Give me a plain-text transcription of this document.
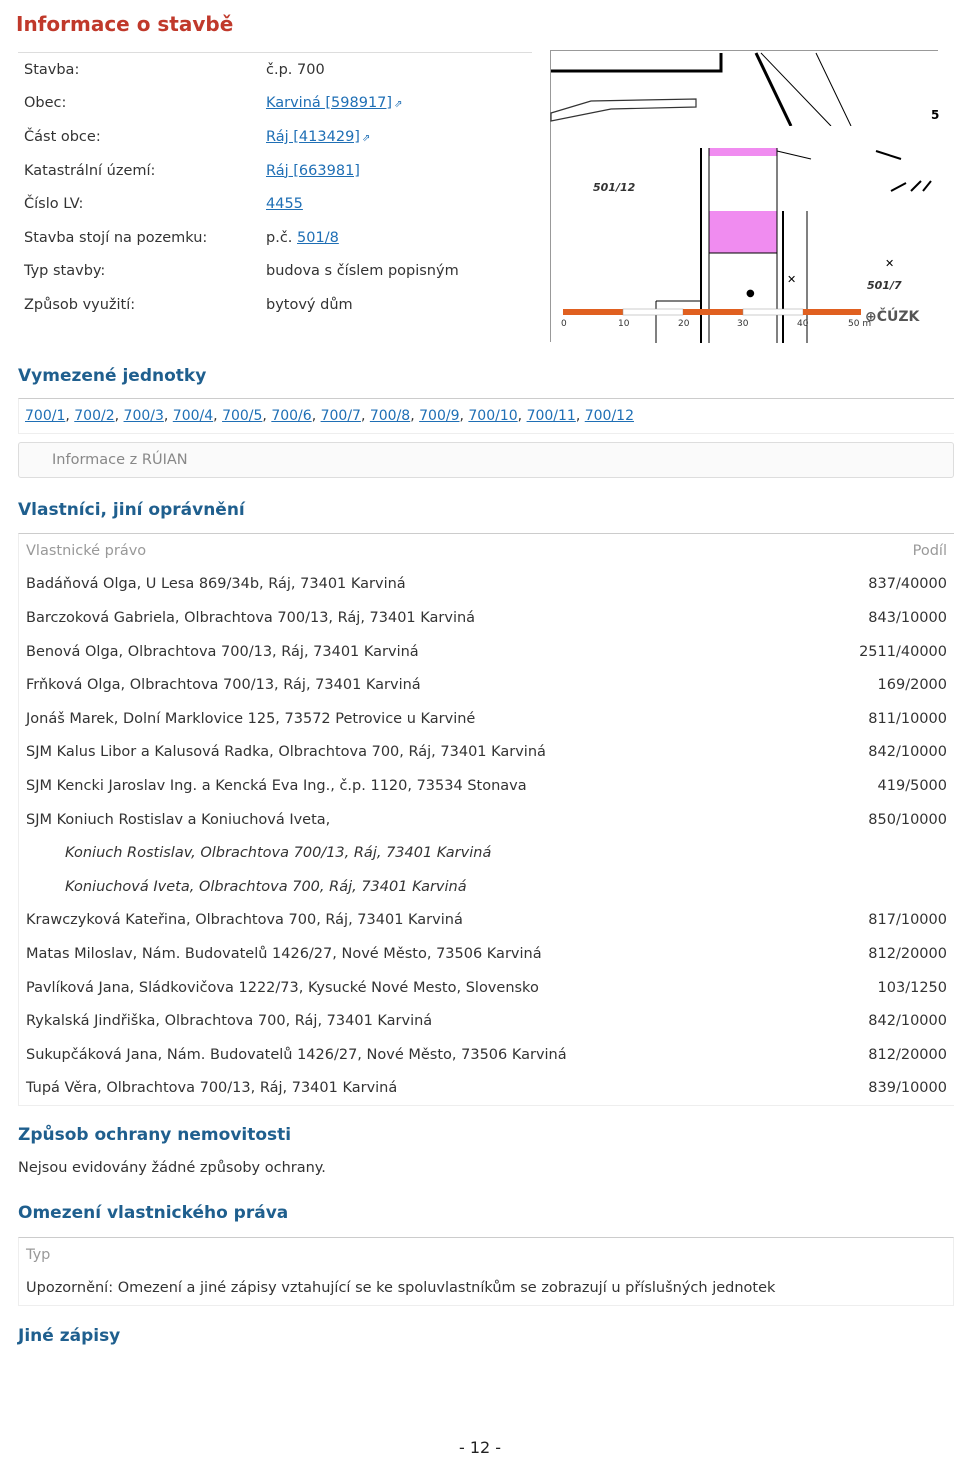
Informace o stavbě
Stavba:	č.p. 700
Obec:	Karviná [598917] ⇗
Část obce:	Ráj [413429] ⇗
Katastrální území:	Ráj [663981]
Číslo LV:	4455
Stavba stojí na pozemku:	p.č. 501/8
Typ stavby:	budova s číslem popisným
Způsob využití:	bytový dům
●
✕
✕
5
501/12
501/7
0	10	20	30	40	50 m
⊕ČÚZK
Vymezené jednotky
700/1, 700/2, 700/3, 700/4, 700/5, 700/6, 700/7, 700/8, 700/9, 700/10, 700/11, 700/12
Informace z RÚIAN
Vlastníci, jiní oprávnění
Vlastnické právo	Podíl
Badáňová Olga, U Lesa 869/34b, Ráj, 73401 Karviná	837/40000
Barczoková Gabriela, Olbrachtova 700/13, Ráj, 73401 Karviná	843/10000
Benová Olga, Olbrachtova 700/13, Ráj, 73401 Karviná	2511/40000
Frňková Olga, Olbrachtova 700/13, Ráj, 73401 Karviná	169/2000
Jonáš Marek, Dolní Marklovice 125, 73572 Petrovice u Karviné	811/10000
SJM Kalus Libor a Kalusová Radka, Olbrachtova 700, Ráj, 73401 Karviná	842/10000
SJM Kencki Jaroslav Ing. a Kencká Eva Ing., č.p. 1120, 73534 Stonava	419/5000
SJM Koniuch Rostislav a Koniuchová Iveta,	850/10000
Koniuch Rostislav, Olbrachtova 700/13, Ráj, 73401 Karviná
Koniuchová Iveta, Olbrachtova 700, Ráj, 73401 Karviná
Krawczyková Kateřina, Olbrachtova 700, Ráj, 73401 Karviná	817/10000
Matas Miloslav, Nám. Budovatelů 1426/27, Nové Město, 73506 Karviná	812/20000
Pavlíková Jana, Sládkovičova 1222/73, Kysucké Nové Mesto, Slovensko	103/1250
Rykalská Jindřiška, Olbrachtova 700, Ráj, 73401 Karviná	842/10000
Sukupčáková Jana, Nám. Budovatelů 1426/27, Nové Město, 73506 Karviná	812/20000
Tupá Věra, Olbrachtova 700/13, Ráj, 73401 Karviná	839/10000
Způsob ochrany nemovitosti
Nejsou evidovány žádné způsoby ochrany.
Omezení vlastnického práva
Typ
Upozornění: Omezení a jiné zápisy vztahující se ke spoluvlastníkům se zobrazují u příslušných jednotek
Jiné zápisy
- 12 -
